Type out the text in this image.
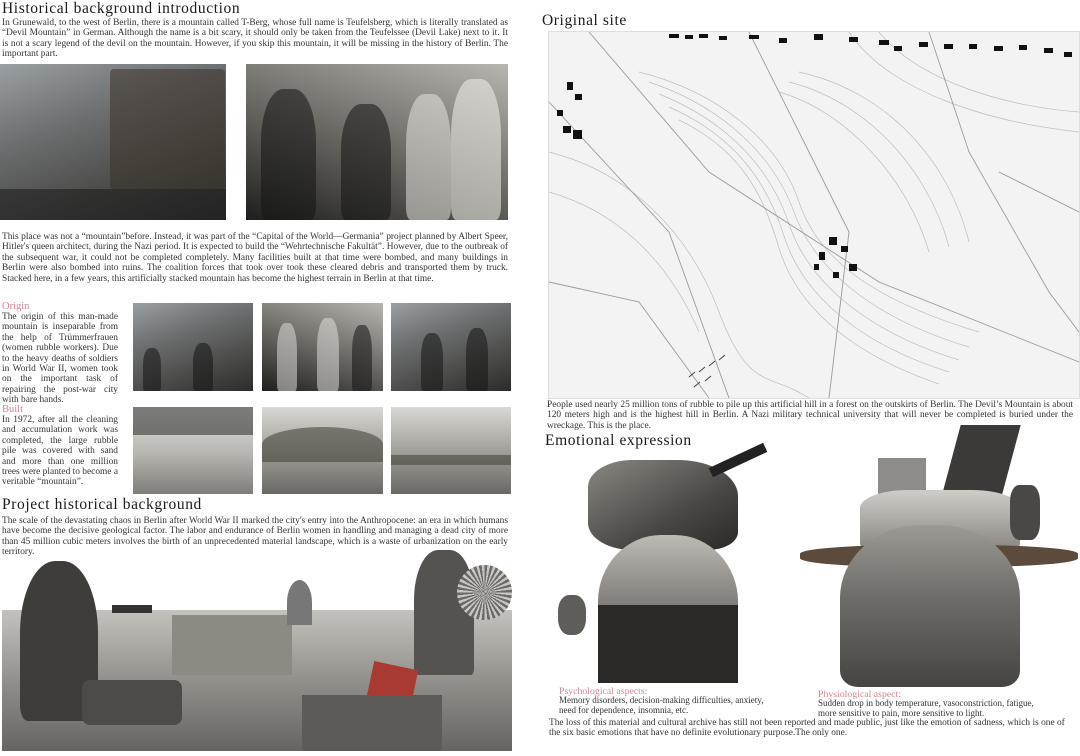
Historical background introduction
In Grunewald, to the west of Berlin, there is a mountain called T-Berg, whose full name is Teufelsberg, which is literally translated as “Devil Mountain” in German. Although the name is a bit scary, it should only be taken from the Teufelssee (Devil Lake) next to it. It is not a scary legend of the devil on the mountain. However, if you skip this mountain, it will be missing in the history of Berlin. The important part.
This place was not a “mountain”before. Instead, it was part of the “Capital of the World—Germania” project planned by Albert Speer, Hitler's queen architect, during the Nazi period. It is expected to build the “Wehrtechnische Fakultät”. However, due to the outbreak of the subsequent war, it could not be completed completely. Many facilities built at that time were bombed, and many buildings in Berlin were also bombed into ruins. The coalition forces that took over took these cleared debris and transported them by truck. Stacked here, in a few years, this artificially stacked mountain has become the highest terrain in Berlin at that time.
Origin
The origin of this man-made mountain is inseparable from the help of Trümmerfrauen (women rubble workers). Due to the heavy deaths of soldiers in World War II, women took on the important task of repairing the post-war city with bare hands.
Built
In 1972, after all the cleaning and accumulation work was completed, the large rubble pile was covered with sand and more than one million trees were planted to become a veritable “mountain”.
Project historical background
The scale of the devastating chaos in Berlin after World War II marked the city's entry into the Anthropocene: an era in which humans have become the decisive geological factor. The labor and endurance of Berlin women in handling and managing a dead city of more than 45 million cubic meters involves the birth of an unprecedented material landscape, which is a waste of urbanization on the early territory.
Original site
People used nearly 25 million tons of rubble to pile up this artificial hill in a forest on the outskirts of Berlin. The Devil’s Mountain is about 120 meters high and is the highest hill in Berlin. A Nazi military technical university that will never be completed is buried under the wreckage. This is the place.
Emotional expression
Psychological aspects:
Memory disorders, decision-making difficulties, anxiety, need for dependence, insomnia, etc.
Physiological aspect:
Sudden drop in body temperature, vasoconstriction, fatigue, more sensitive to pain, more sensitive to light.
The loss of this material and cultural archive has still not been reported and made public, just like the emotion of sadness, which is one of the six basic emotions that have no definite evolutionary purpose.The only one.
